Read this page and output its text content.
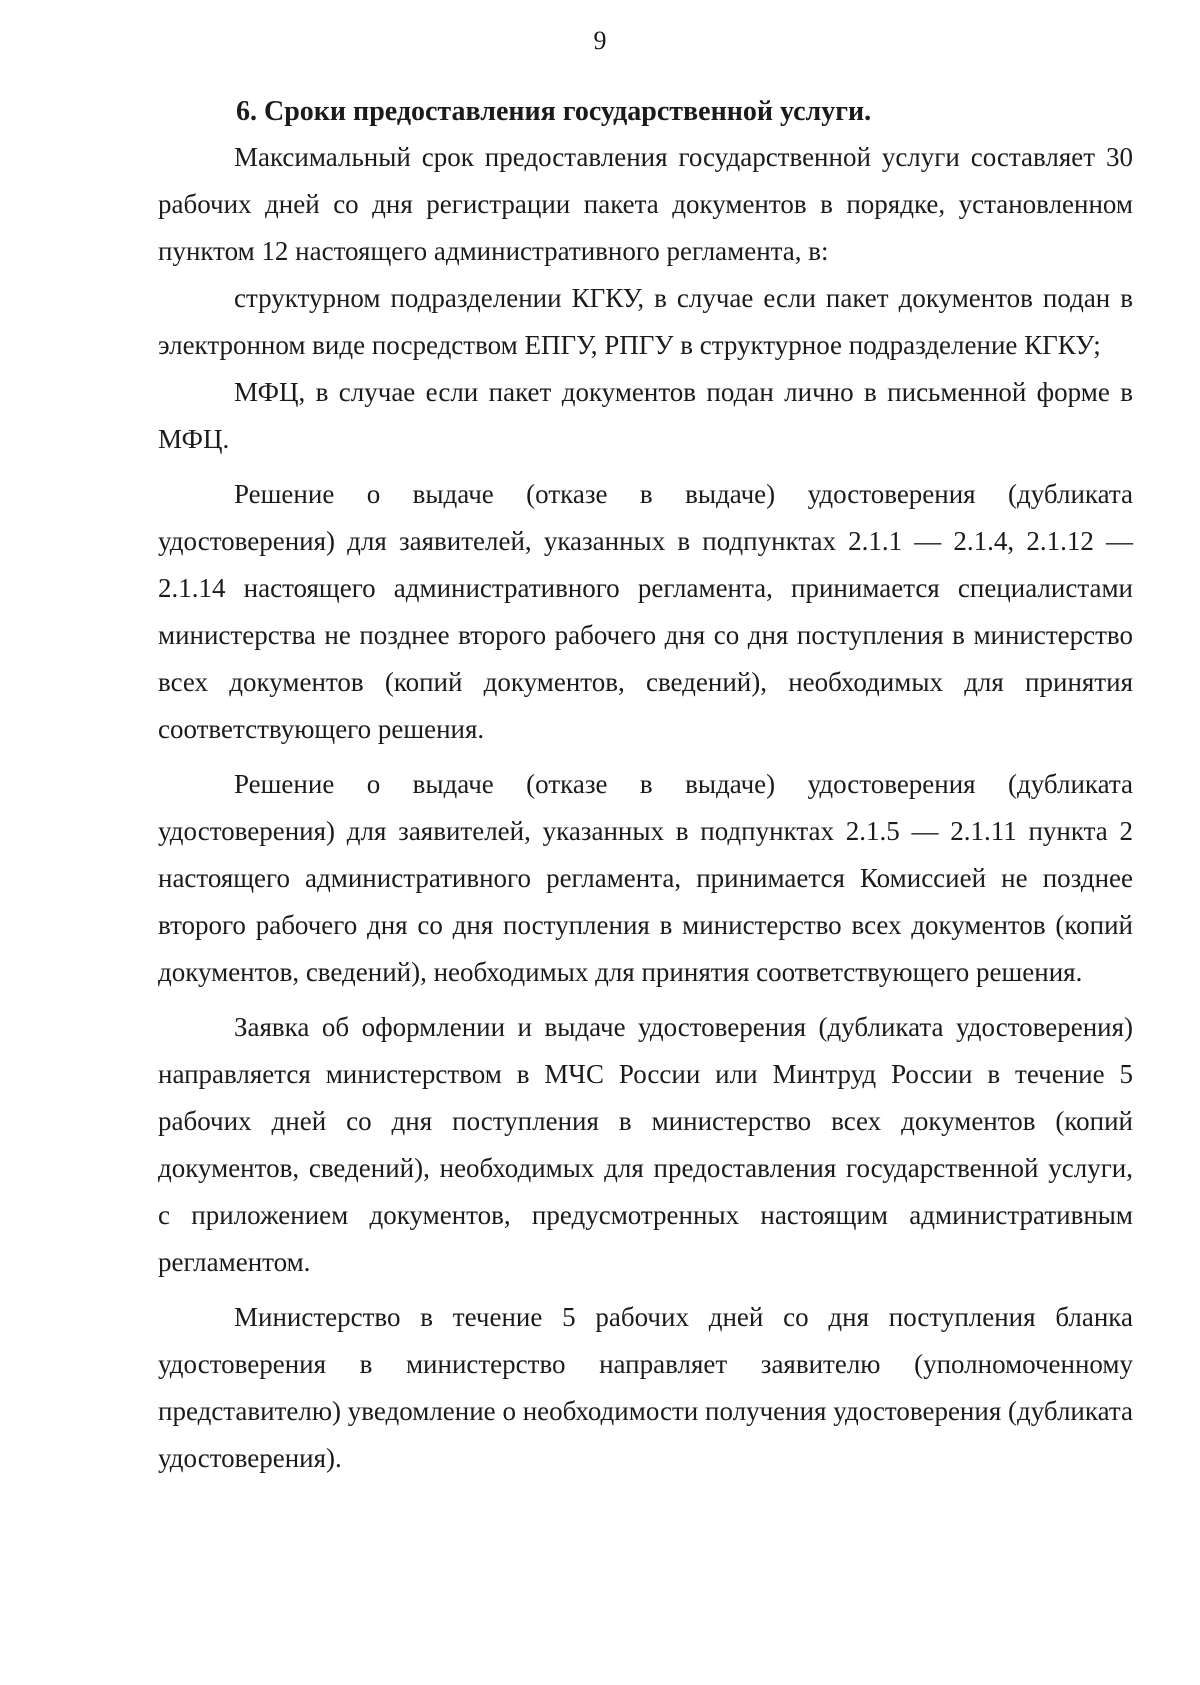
9
6. Сроки предоставления государственной услуги.

Максимальный срок предоставления государственной услуги составляет 30 рабочих дней со дня регистрации пакета документов в порядке, установленном пунктом 12 настоящего административного регламента, в:

структурном подразделении КГКУ, в случае если пакет документов подан в электронном виде посредством ЕПГУ, РПГУ в структурное подразделение КГКУ;

МФЦ, в случае если пакет документов подан лично в письменной форме в МФЦ.

Решение о выдаче (отказе в выдаче) удостоверения (дубликата удостоверения) для заявителей, указанных в подпунктах 2.1.1 — 2.1.4, 2.1.12 — 2.1.14 настоящего административного регламента, принимается специалистами министерства не позднее второго рабочего дня со дня поступления в министерство всех документов (копий документов, сведений), необходимых для принятия соответствующего решения.

Решение о выдаче (отказе в выдаче) удостоверения (дубликата удостоверения) для заявителей, указанных в подпунктах 2.1.5 — 2.1.11 пункта 2 настоящего административного регламента, принимается Комиссией не позднее второго рабочего дня со дня поступления в министерство всех документов (копий документов, сведений), необходимых для принятия соответствующего решения.

Заявка об оформлении и выдаче удостоверения (дубликата удостоверения) направляется министерством в МЧС России или Минтруд России в течение 5 рабочих дней со дня поступления в министерство всех документов (копий документов, сведений), необходимых для предоставления государственной услуги, с приложением документов, предусмотренных настоящим административным регламентом.

Министерство в течение 5 рабочих дней со дня поступления бланка удостоверения в министерство направляет заявителю (уполномоченному представителю) уведомление о необходимости получения удостоверения (дубликата удостоверения).
